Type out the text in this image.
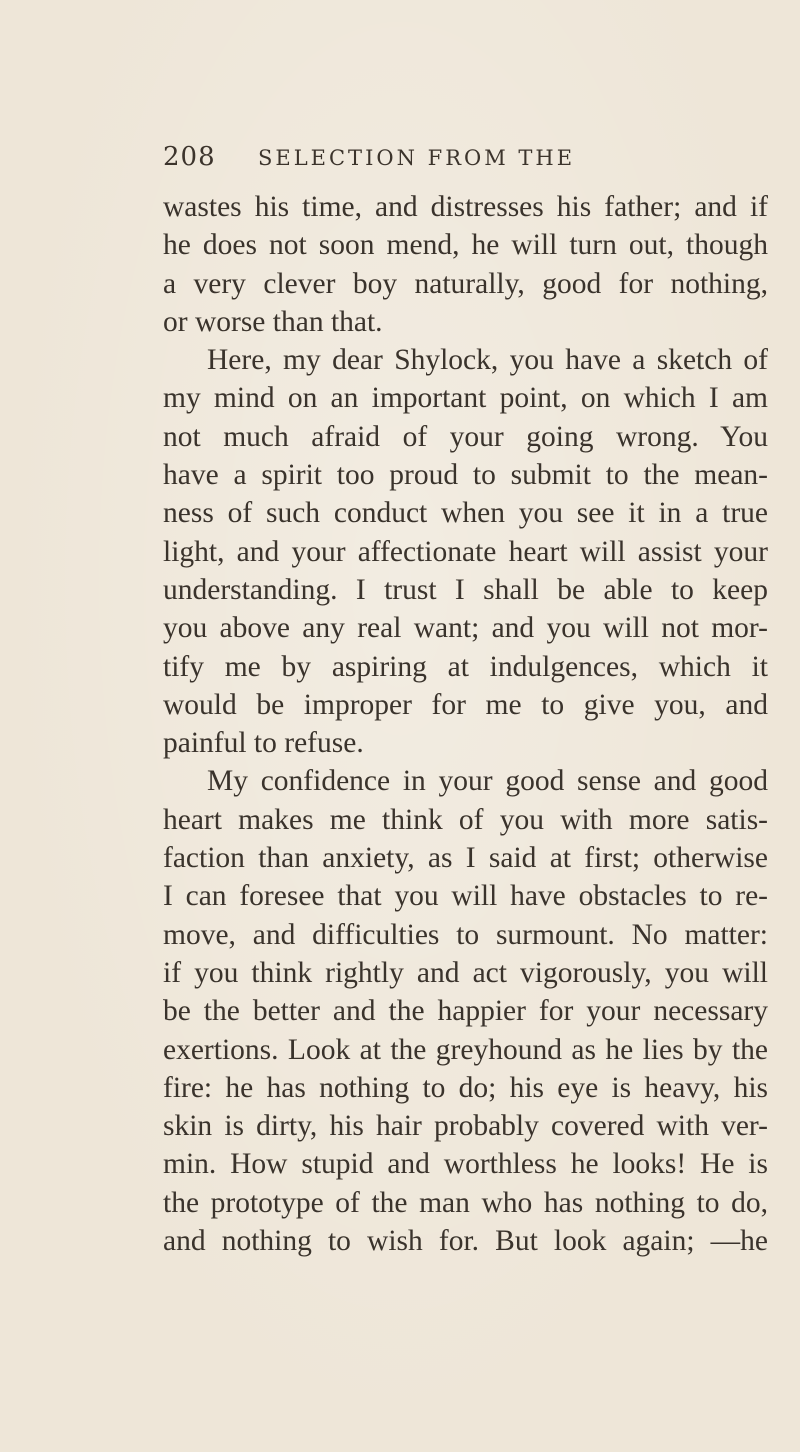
208 SELECTION FROM THE
wastes his time, and distresses his father; and if
he does not soon mend, he will turn out, though
a very clever boy naturally, good for nothing,
or worse than that.
Here, my dear Shylock, you have a sketch of
my mind on an important point, on which I am
not much afraid of your going wrong. You
have a spirit too proud to submit to the mean-
ness of such conduct when you see it in a true
light, and your affectionate heart will assist your
understanding. I trust I shall be able to keep
you above any real want; and you will not mor-
tify me by aspiring at indulgences, which it
would be improper for me to give you, and
painful to refuse.
My confidence in your good sense and good
heart makes me think of you with more satis-
faction than anxiety, as I said at first; otherwise
I can foresee that you will have obstacles to re-
move, and difficulties to surmount. No matter:
if you think rightly and act vigorously, you will
be the better and the happier for your necessary
exertions. Look at the greyhound as he lies by the
fire: he has nothing to do; his eye is heavy, his
skin is dirty, his hair probably covered with ver-
min. How stupid and worthless he looks! He is
the prototype of the man who has nothing to do,
and nothing to wish for. But look again; —he
